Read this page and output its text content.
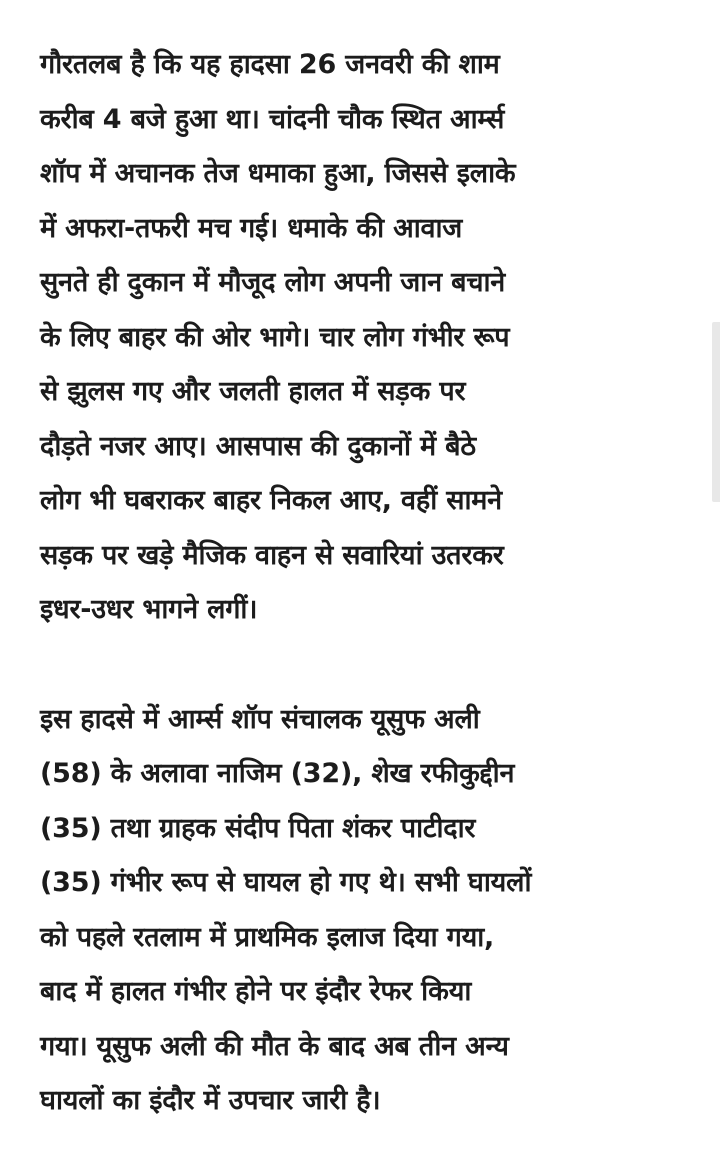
गौरतलब है कि यह हादसा 26 जनवरी की शाम
करीब 4 बजे हुआ था। चांदनी चौक स्थित आर्म्स
शॉप में अचानक तेज धमाका हुआ, जिससे इलाके
में अफरा-तफरी मच गई। धमाके की आवाज
सुनते ही दुकान में मौजूद लोग अपनी जान बचाने
के लिए बाहर की ओर भागे। चार लोग गंभीर रूप
से झुलस गए और जलती हालत में सड़क पर
दौड़ते नजर आए। आसपास की दुकानों में बैठे
लोग भी घबराकर बाहर निकल आए, वहीं सामने
सड़क पर खड़े मैजिक वाहन से सवारियां उतरकर
इधर-उधर भागने लगीं।
इस हादसे में आर्म्स शॉप संचालक यूसुफ अली
(58) के अलावा नाजिम (32), शेख रफीकुद्दीन
(35) तथा ग्राहक संदीप पिता शंकर पाटीदार
(35) गंभीर रूप से घायल हो गए थे। सभी घायलों
को पहले रतलाम में प्राथमिक इलाज दिया गया,
बाद में हालत गंभीर होने पर इंदौर रेफर किया
गया। यूसुफ अली की मौत के बाद अब तीन अन्य
घायलों का इंदौर में उपचार जारी है।
